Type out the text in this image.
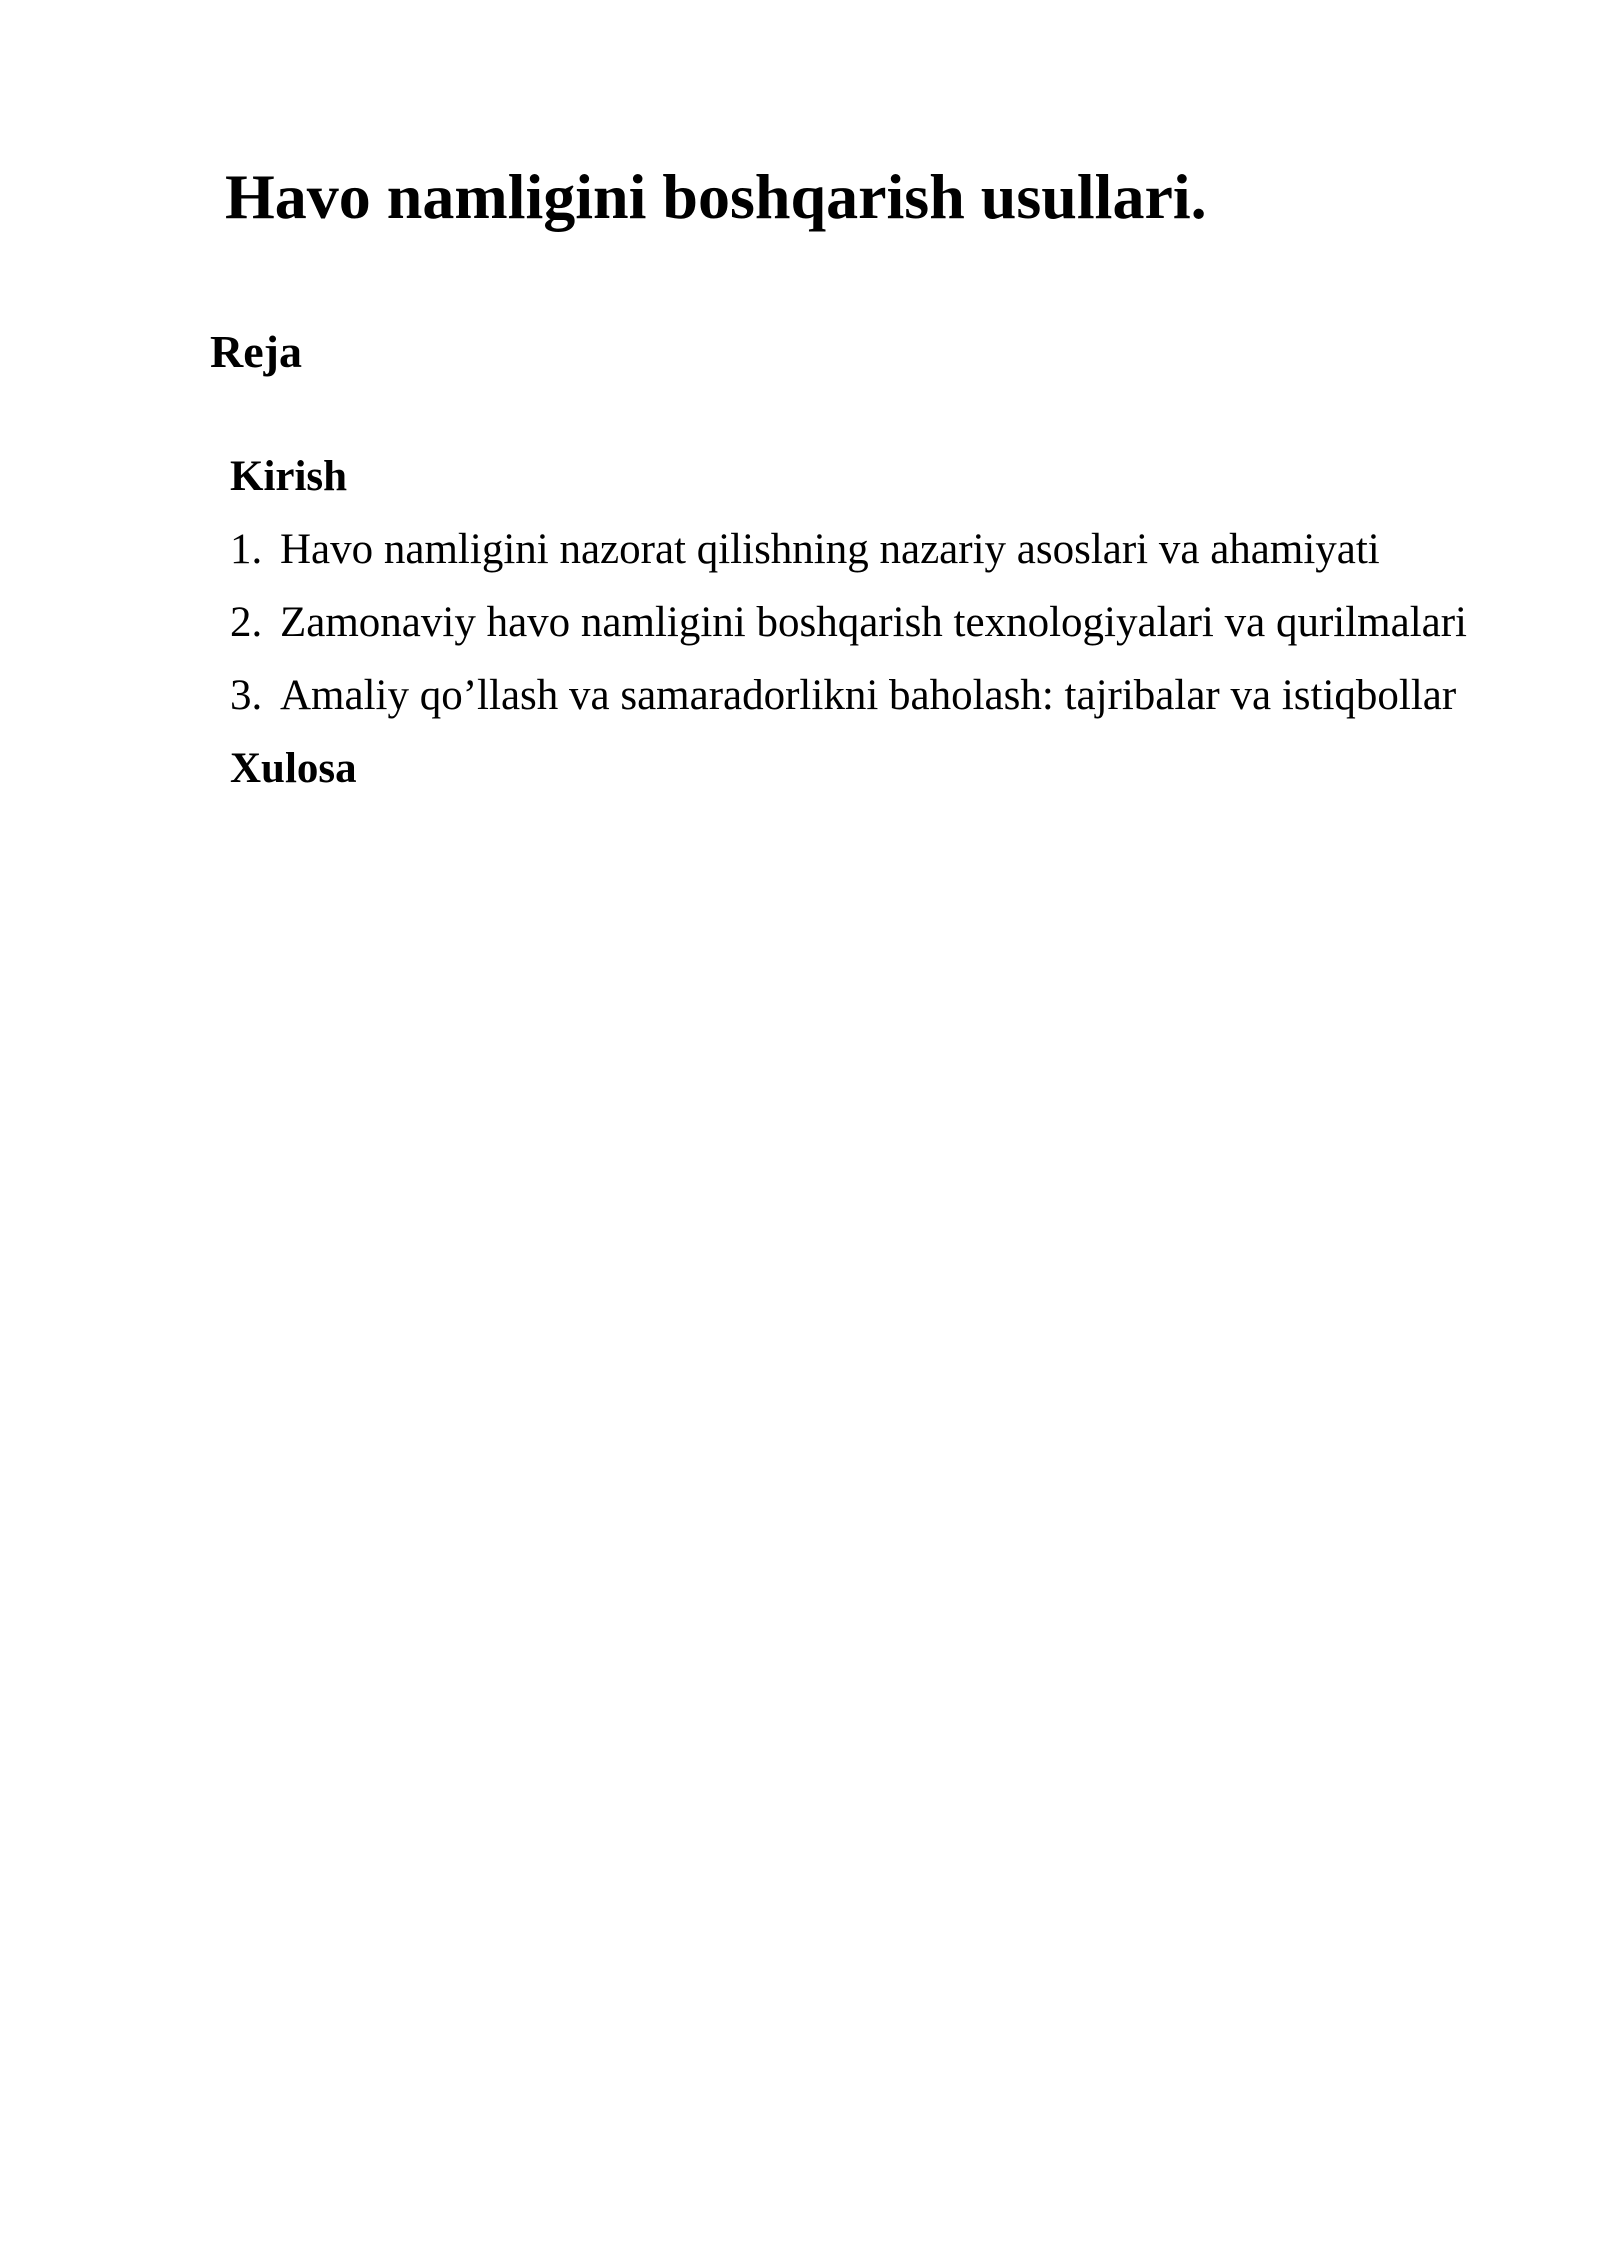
Havo namligini boshqarish usullari.
Reja
Kirish
1. Havo namligini nazorat qilishning nazariy asoslari va ahamiyati
2. Zamonaviy havo namligini boshqarish texnologiyalari va qurilmalari
3. Amaliy qo’llash va samaradorlikni baholash: tajribalar va istiqbollar
Xulosa
